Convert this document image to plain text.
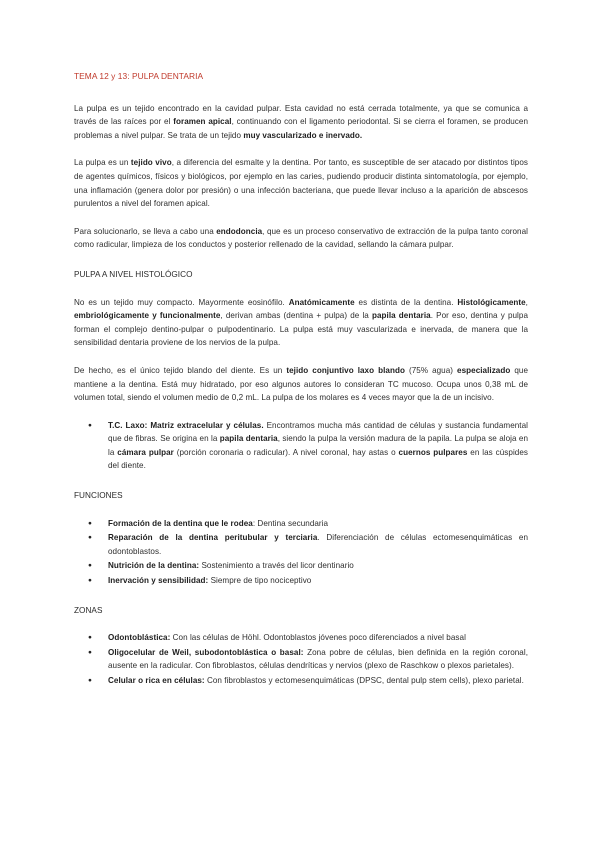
TEMA 12 y 13: PULPA DENTARIA

La pulpa es un tejido encontrado en la cavidad pulpar. Esta cavidad no está cerrada totalmente, ya que se comunica a través de las raíces por el foramen apical, continuando con el ligamento periodontal. Si se cierra el foramen, se producen problemas a nivel pulpar. Se trata de un tejido muy vascularizado e inervado.

La pulpa es un tejido vivo, a diferencia del esmalte y la dentina. Por tanto, es susceptible de ser atacado por distintos tipos de agentes químicos, físicos y biológicos, por ejemplo en las caries, pudiendo producir distinta sintomatología, por ejemplo, una inflamación (genera dolor por presión) o una infección bacteriana, que puede llevar incluso a la aparición de abscesos purulentos a nivel del foramen apical.

Para solucionarlo, se lleva a cabo una endodoncia, que es un proceso conservativo de extracción de la pulpa tanto coronal como radicular, limpieza de los conductos y posterior rellenado de la cavidad, sellando la cámara pulpar.

PULPA A NIVEL HISTOLÓGICO

No es un tejido muy compacto. Mayormente eosinófilo. Anatómicamente es distinta de la dentina. Histológicamente, embriológicamente y funcionalmente, derivan ambas (dentina + pulpa) de la papila dentaria. Por eso, dentina y pulpa forman el complejo dentino-pulpar o pulpodentinario. La pulpa está muy vascularizada e inervada, de manera que la sensibilidad dentaria proviene de los nervios de la pulpa.

De hecho, es el único tejido blando del diente. Es un tejido conjuntivo laxo blando (75% agua) especializado que mantiene a la dentina. Está muy hidratado, por eso algunos autores lo consideran TC mucoso. Ocupa unos 0,38 mL de volumen total, siendo el volumen medio de 0,2 mL. La pulpa de los molares es 4 veces mayor que la de un incisivo.

● T.C. Laxo: Matriz extracelular y células. Encontramos mucha más cantidad de células y sustancia fundamental que de fibras. Se origina en la papila dentaria, siendo la pulpa la versión madura de la papila. La pulpa se aloja en la cámara pulpar (porción coronaria o radicular). A nivel coronal, hay astas o cuernos pulpares en las cúspides del diente.
FUNCIONES
● Formación de la dentina que le rodea: Dentina secundaria
● Reparación de la dentina peritubular y terciaria. Diferenciación de células ectomesenquimáticas en odontoblastos.
● Nutrición de la dentina: Sostenimiento a través del licor dentinario
● Inervación y sensibilidad: Siempre de tipo nociceptivo
ZONAS
● Odontoblástica: Con las células de Höhl. Odontoblastos jóvenes poco diferenciados a nivel basal
● Oligocelular de Weil, subodontoblástica o basal: Zona pobre de células, bien definida en la región coronal, ausente en la radicular. Con fibroblastos, células dendríticas y nervios (plexo de Raschkow o plexos parietales).
● Celular o rica en células: Con fibroblastos y ectomesenquimáticas (DPSC, dental pulp stem cells), plexo parietal.
